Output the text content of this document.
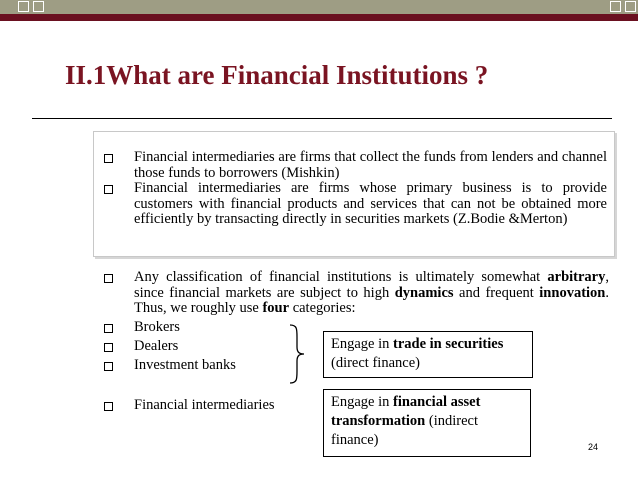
II.1What are Financial Institutions ?
Financial intermediaries are firms that collect the funds from lenders and channel those funds to borrowers (Mishkin)
Financial intermediaries are firms whose primary business is to provide customers with financial products and services that can not be obtained more efficiently by transacting directly in securities markets (Z.Bodie &Merton)
Any classification of financial institutions is ultimately somewhat arbitrary, since financial markets are subject to high dynamics and frequent innovation. Thus, we roughly use four categories:
Brokers
Dealers
Investment banks
Financial intermediaries
Engage in trade in securities
(direct finance)
Engage in financial asset transformation (indirect finance)	24
